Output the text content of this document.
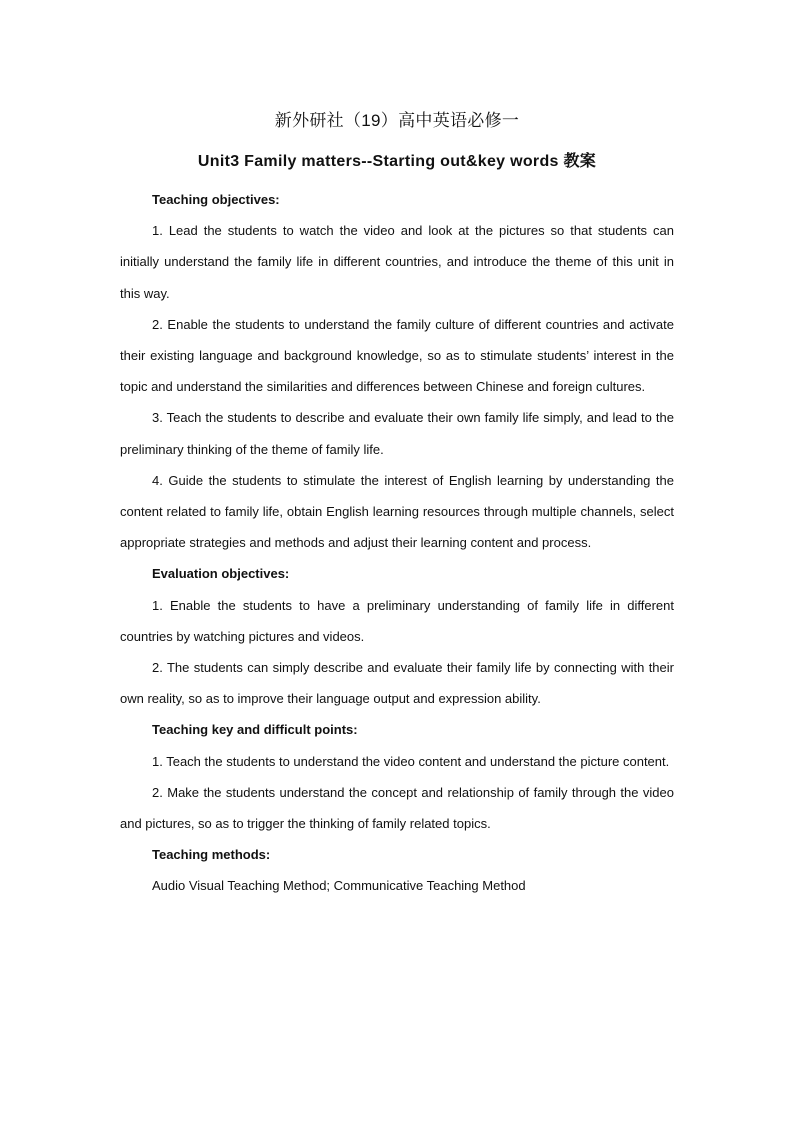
新外研社（19）高中英语必修一
Unit3 Family matters--Starting out&key words 教案

Teaching objectives:

1. Lead the students to watch the video and look at the pictures so that students can initially understand the family life in different countries, and introduce the theme of this unit in this way.

2. Enable the students to understand the family culture of different countries and activate their existing language and background knowledge, so as to stimulate students’ interest in the topic and understand the similarities and differences between Chinese and foreign cultures.

3. Teach the students to describe and evaluate their own family life simply, and lead to the preliminary thinking of the theme of family life.

4. Guide the students to stimulate the interest of English learning by understanding the content related to family life, obtain English learning resources through multiple channels, select appropriate strategies and methods and adjust their learning content and process.

Evaluation objectives:

1. Enable the students to have a preliminary understanding of family life in different countries by watching pictures and videos.

2. The students can simply describe and evaluate their family life by connecting with their own reality, so as to improve their language output and expression ability.

Teaching key and difficult points:

1. Teach the students to understand the video content and understand the picture content.

2. Make the students understand the concept and relationship of family through the video and pictures, so as to trigger the thinking of family related topics.

Teaching methods:

Audio Visual Teaching Method; Communicative Teaching Method
